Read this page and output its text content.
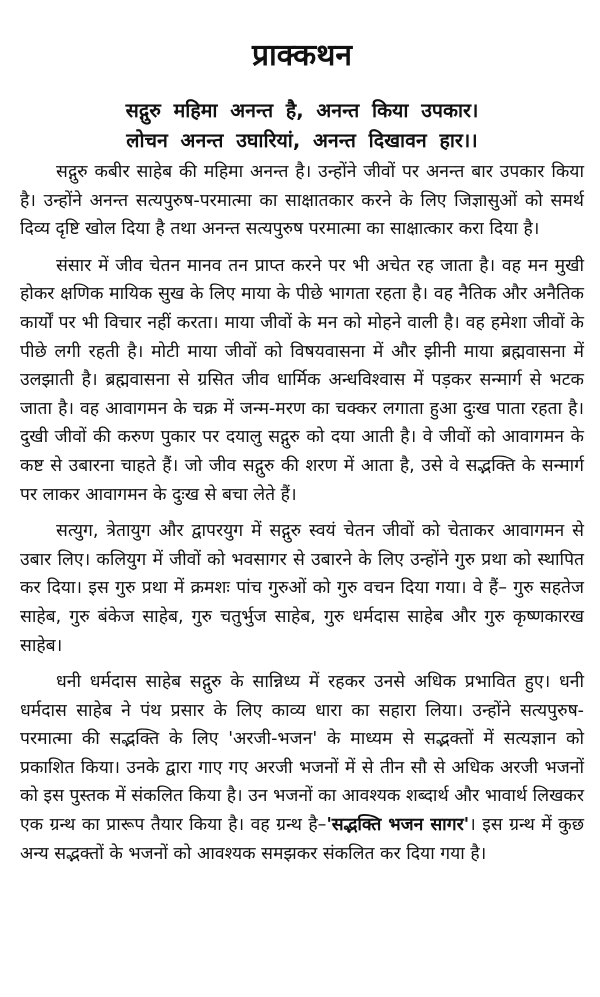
प्राक्कथन
सद्गुरु महिमा अनन्त है, अनन्त किया उपकार।
लोचन अनन्त उघारियां, अनन्त दिखावन हार।।

सद्गुरु कबीर साहेब की महिमा अनन्त है। उन्होंने जीवों पर अनन्त बार उपकार किया है। उन्होंने अनन्त सत्यपुरुष-परमात्मा का साक्षातकार करने के लिए जिज्ञासुओं को समर्थ दिव्य दृष्टि खोल दिया है तथा अनन्त सत्यपुरुष परमात्मा का साक्षात्कार करा दिया है।

संसार में जीव चेतन मानव तन प्राप्त करने पर भी अचेत रह जाता है। वह मन मुखी होकर क्षणिक मायिक सुख के लिए माया के पीछे भागता रहता है। वह नैतिक और अनैतिक कार्यों पर भी विचार नहीं करता। माया जीवों के मन को मोहने वाली है। वह हमेशा जीवों के पीछे लगी रहती है। मोटी माया जीवों को विषयवासना में और झीनी माया ब्रह्मवासना में उलझाती है। ब्रह्मवासना से ग्रसित जीव धार्मिक अन्धविश्वास में पड़कर सन्मार्ग से भटक जाता है। वह आवागमन के चक्र में जन्म-मरण का चक्कर लगाता हुआ दुःख पाता रहता है। दुखी जीवों की करुण पुकार पर दयालु सद्गुरु को दया आती है। वे जीवों को आवागमन के कष्ट से उबारना चाहते हैं। जो जीव सद्गुरु की शरण में आता है, उसे वे सद्भक्ति के सन्मार्ग पर लाकर आवागमन के दुःख से बचा लेते हैं।

सत्युग, त्रेतायुग और द्वापरयुग में सद्गुरु स्वयं चेतन जीवों को चेताकर आवागमन से उबार लिए। कलियुग में जीवों को भवसागर से उबारने के लिए उन्होंने गुरु प्रथा को स्थापित कर दिया। इस गुरु प्रथा में क्रमशः पांच गुरुओं को गुरु वचन दिया गया। वे हैं– गुरु सहतेज साहेब, गुरु बंकेज साहेब, गुरु चतुर्भुज साहेब, गुरु धर्मदास साहेब और गुरु कृष्णकारख साहेब।

धनी धर्मदास साहेब सद्गुरु के सान्निध्य में रहकर उनसे अधिक प्रभावित हुए। धनी धर्मदास साहेब ने पंथ प्रसार के लिए काव्य धारा का सहारा लिया। उन्होंने सत्यपुरुष-परमात्मा की सद्भक्ति के लिए 'अरजी-भजन' के माध्यम से सद्भक्तों में सत्यज्ञान को प्रकाशित किया। उनके द्वारा गाए गए अरजी भजनों में से तीन सौ से अधिक अरजी भजनों को इस पुस्तक में संकलित किया है। उन भजनों का आवश्यक शब्दार्थ और भावार्थ लिखकर एक ग्रन्थ का प्रारूप तैयार किया है। वह ग्रन्थ है–'सद्भक्ति भजन सागर'। इस ग्रन्थ में कुछ अन्य सद्भक्तों के भजनों को आवश्यक समझकर संकलित कर दिया गया है।
